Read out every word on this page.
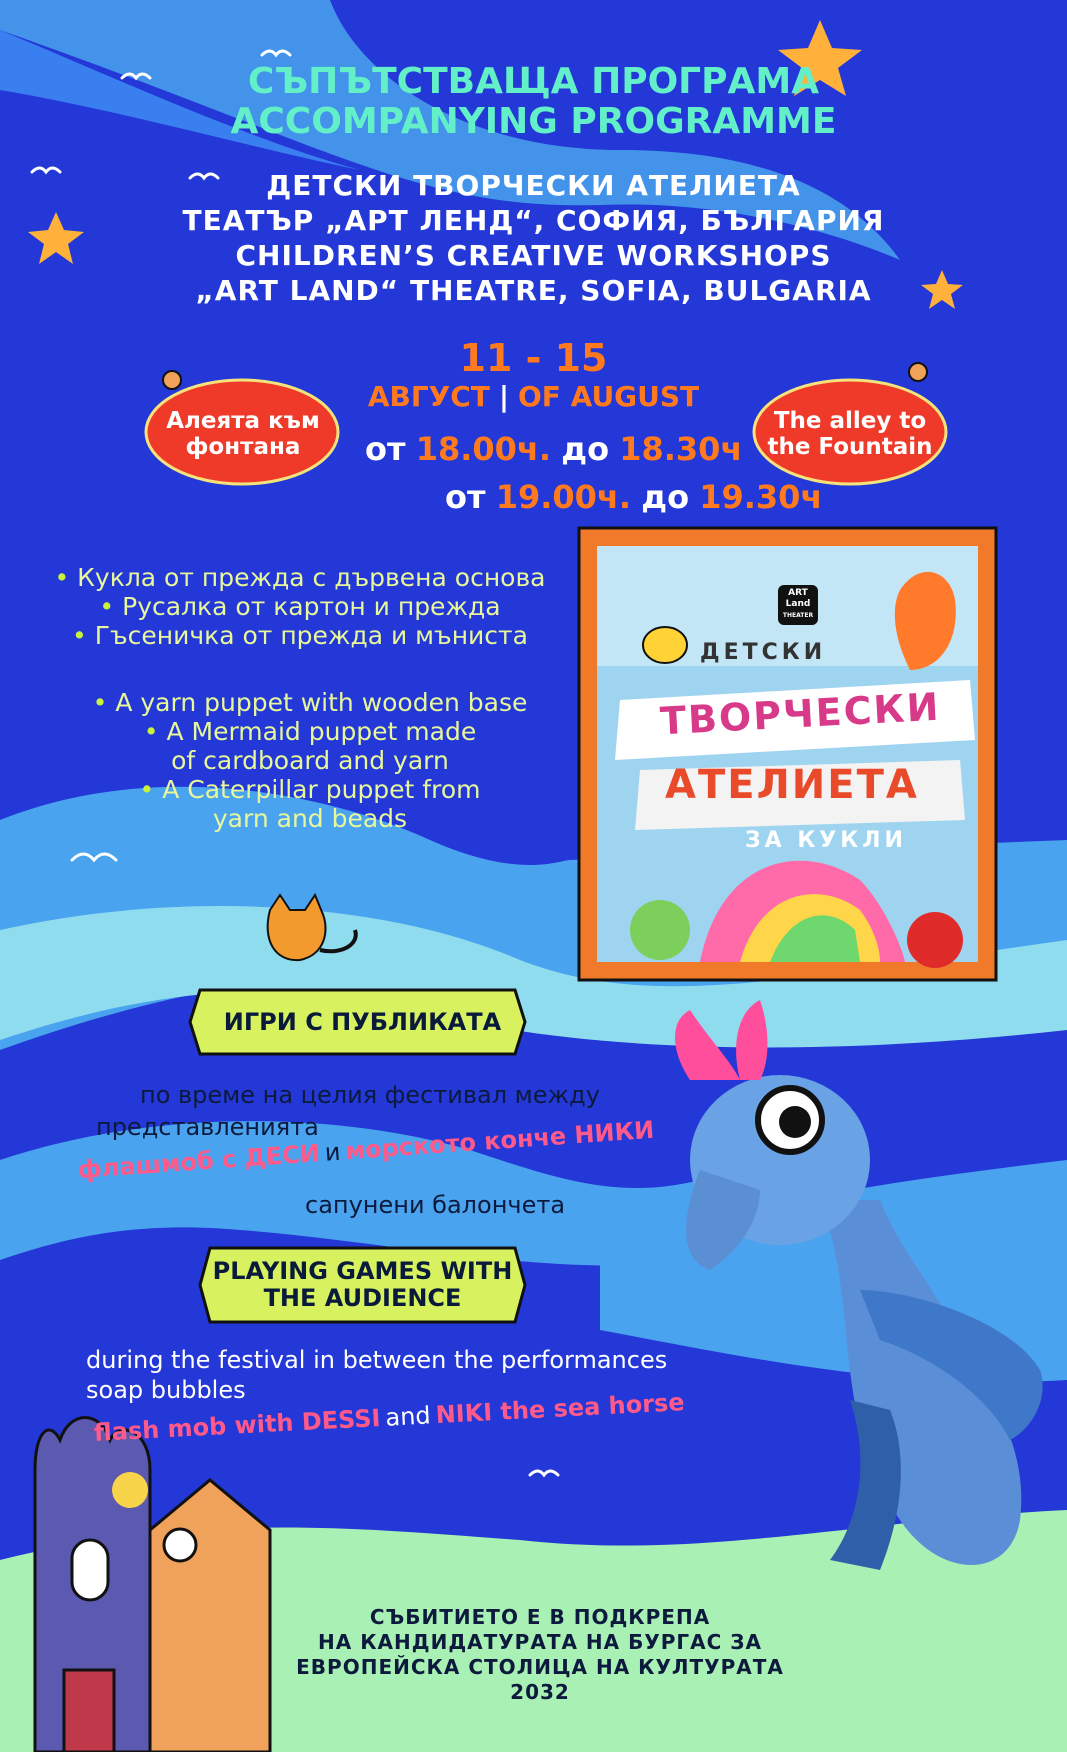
СЪПЪТСТВАЩА ПРОГРАМА
ACCOMPANYING PROGRAMME
ДЕТСКИ ТВОРЧЕСКИ АТЕЛИЕТА
ТЕАТЪР „АРТ ЛЕНД“, СОФИЯ, БЪЛГАРИЯ
CHILDREN’S CREATIVE WORKSHOPS
„ART LAND“ THEATRE, SOFIA, BULGARIA
11 - 15
АВГУСТ | OF AUGUST
от 18.00ч. до 18.30ч
от 19.00ч. до 19.30ч
Алеята към
фонтана
The alley to
the Fountain
• Кукла от прежда с дървена основа
• Русалка от картон и прежда
• Гъсеничка от прежда и мъниста
• A yarn puppet with wooden base
• A Mermaid puppet made
of cardboard and yarn
• A Caterpillar puppet from
yarn and beads
ART
Land
THEATER
ДЕТСКИ
ТВОРЧЕСКИ
АТЕЛИЕТА
ЗА КУКЛИ
ИГРИ С ПУБЛИКАТА
по време на целия фестивал между
представленията
флашмоб с ДЕСИ и морското конче НИКИ
сапунени балончета
PLAYING GAMES WITH
THE AUDIENCE
during the festival in between the performances
soap bubbles
flash mob with DESSI and NIKI the sea horse
СЪБИТИЕТО Е В ПОДКРЕПА
НА КАНДИДАТУРАТА НА БУРГАС ЗА
ЕВРОПЕЙСКА СТОЛИЦА НА КУЛТУРАТА 2032
